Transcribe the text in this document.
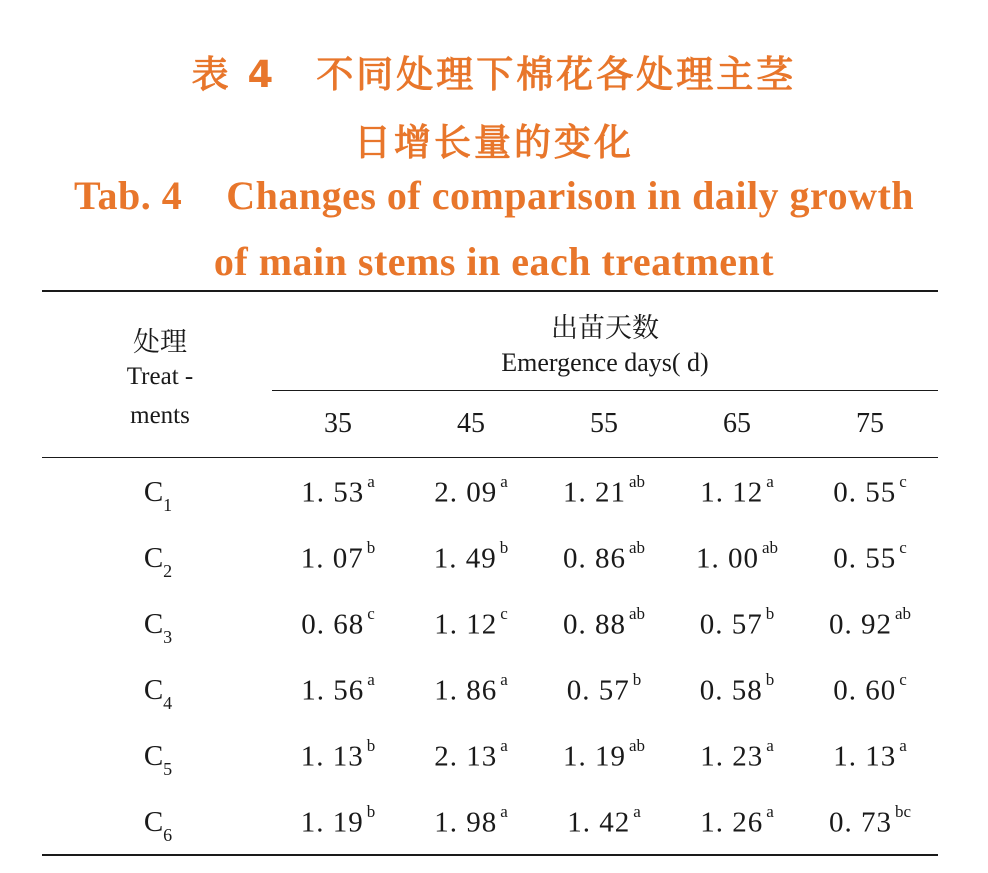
表 4 不同处理下棉花各处理主茎
日增长量的变化
Tab. 4 Changes of comparison in daily growth
of main stems in each treatment
处理
Treat -
ments
出苗天数
Emergence days( d)
35	45	55	65	75
$C_1$	1. 53 $^a$	2. 09 $^a$	1. 21 $^{ab}$	1. 12 $^a$	0. 55 $^c$
$C_2$	1. 07 $^b$	1. 49 $^b$	0. 86 $^{ab}$	1. 00 $^{ab}$	0. 55 $^c$
$C_3$	0. 68 $^c$	1. 12 $^c$	0. 88 $^{ab}$	0. 57 $^b$	0. 92 $^{ab}$
$C_4$	1. 56 $^a$	1. 86 $^a$	0. 57 $^b$	0. 58 $^b$	0. 60 $^c$
$C_5$	1. 13 $^b$	2. 13 $^a$	1. 19 $^{ab}$	1. 23 $^a$	1. 13 $^a$
$C_6$	1. 19 $^b$	1. 98 $^a$	1. 42 $^a$	1. 26 $^a$	0. 73 $^{bc}$
